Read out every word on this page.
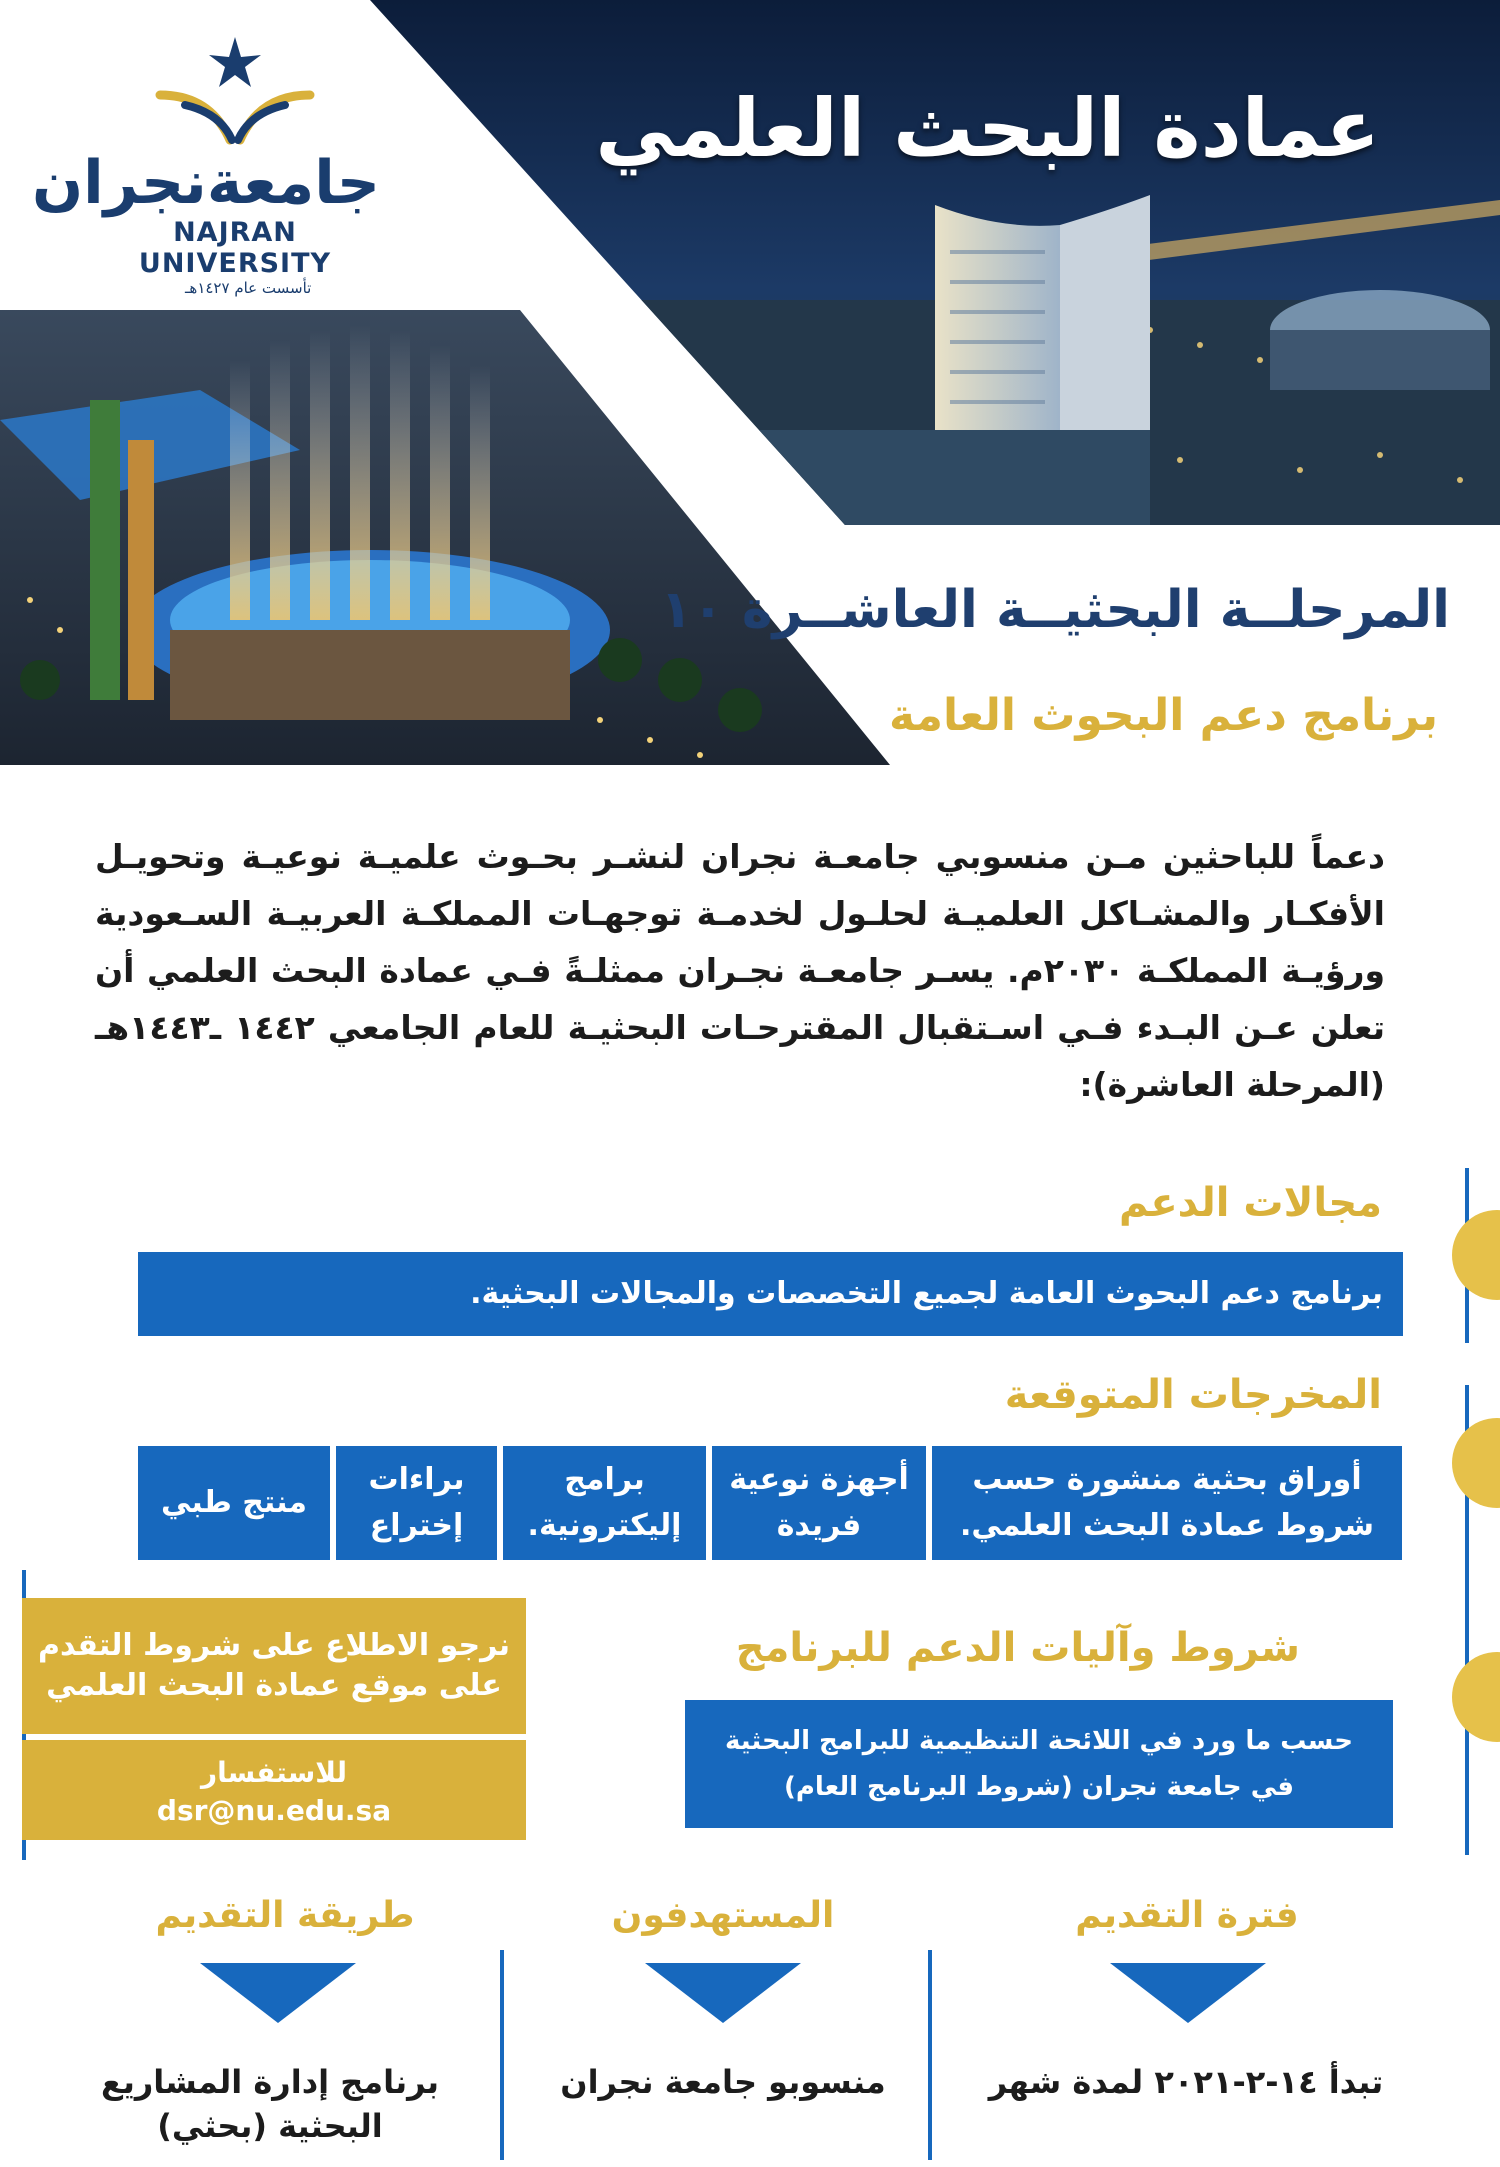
عمادة البحث العلمي
جامعةنجران
NAJRAN UNIVERSITY
تأسست عام ١٤٢٧هـ
المرحلــة البحثيــة العاشــرة ١٠
برنامج دعم البحوث العامة
دعماً للباحثين مـن منسوبي جامعـة نجران لنشـر بحـوث علميـة نوعيـة وتحويـل الأفكـار والمشـاكل العلميـة لحلـول لخدمـة توجهـات المملكـة العربيـة السـعودية ورؤيـة المملكـة ٢٠٣٠م. يسـر جامعـة نجـران ممثلـةً فـي عمادة البحث العلمي أن تعلن عـن البـدء فـي اسـتقبال المقترحـات البحثيـة للعام الجامعي ١٤٤٢ ـ١٤٤٣هـ (المرحلة العاشرة):
مجالات الدعم
برنامج دعم البحوث العامة لجميع التخصصات والمجالات البحثية.
المخرجات المتوقعة
أوراق بحثية منشورة حسب شروط عمادة البحث العلمي.
أجهزة نوعية فريدة
برامج إليكترونية.
براءات إختراع
منتج طبي
نرجو الاطلاع على شروط التقدم على موقع عمادة البحث العلمي
للاستفسار
dsr@nu.edu.sa
شروط وآليات الدعم للبرنامج
حسب ما ورد في اللائحة التنظيمية للبرامج البحثية في جامعة نجران (شروط البرنامج العام)
فترة التقديم
تبدأ ١٤-٢-٢٠٢١ لمدة شهر
المستهدفون
منسوبو جامعة نجران
طريقة التقديم
برنامج إدارة المشاريع البحثية (بحثي)
